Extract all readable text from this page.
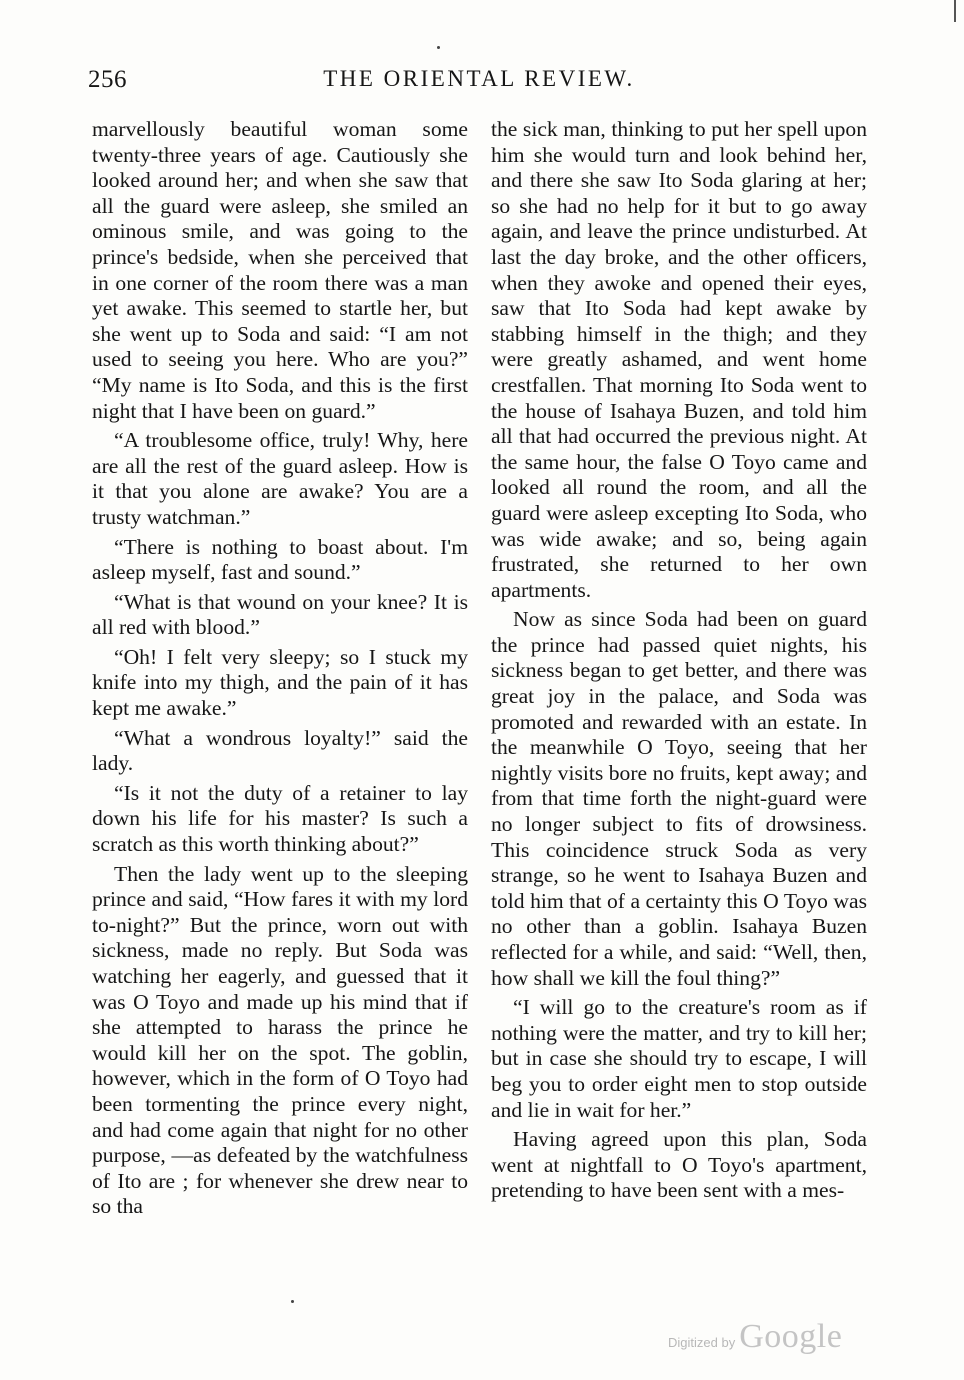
256	THE ORIENTAL REVIEW.

marvellously beautiful woman some twenty-three years of age. Cautiously she looked around her; and when she saw that all the guard were asleep, she smiled an ominous smile, and was going to the prince's bedside, when she perceived that in one corner of the room there was a man yet awake. This seemed to startle her, but she went up to Soda and said: “I am not used to seeing you here. Who are you?” “My name is Ito Soda, and this is the first night that I have been on guard.”

“A troublesome office, truly! Why, here are all the rest of the guard asleep. How is it that you alone are awake? You are a trusty watchman.”

“There is nothing to boast about. I'm asleep myself, fast and sound.”

“What is that wound on your knee? It is all red with blood.”

“Oh! I felt very sleepy; so I stuck my knife into my thigh, and the pain of it has kept me awake.”

“What a wondrous loyalty!” said the lady.

“Is it not the duty of a retainer to lay down his life for his master? Is such a scratch as this worth thinking about?”

Then the lady went up to the sleeping prince and said, “How fares it with my lord to-night?” But the prince, worn out with sickness, made no reply. But Soda was watching her eagerly, and guessed that it was O Toyo and made up his mind that if she attempted to harass the prince he would kill her on the spot. The goblin, however, which in the form of O Toyo had been tormenting the prince every night, and had come again that night for no other purpose, —as defeated by the watchfulness of Ito are ; for whenever she drew near to so tha

the sick man, thinking to put her spell upon him she would turn and look behind her, and there she saw Ito Soda glaring at her; so she had no help for it but to go away again, and leave the prince undisturbed. At last the day broke, and the other officers, when they awoke and opened their eyes, saw that Ito Soda had kept awake by stabbing himself in the thigh; and they were greatly ashamed, and went home crestfallen. That morning Ito Soda went to the house of Isahaya Buzen, and told him all that had occurred the previous night. At the same hour, the false O Toyo came and looked all round the room, and all the guard were asleep excepting Ito Soda, who was wide awake; and so, being again frustrated, she returned to her own apartments.

Now as since Soda had been on guard the prince had passed quiet nights, his sickness began to get better, and there was great joy in the palace, and Soda was promoted and rewarded with an estate. In the meanwhile O Toyo, seeing that her nightly visits bore no fruits, kept away; and from that time forth the night-guard were no longer subject to fits of drowsiness. This coincidence struck Soda as very strange, so he went to Isahaya Buzen and told him that of a certainty this O Toyo was no other than a goblin. Isahaya Buzen reflected for a while, and said: “Well, then, how shall we kill the foul thing?”

“I will go to the creature's room as if nothing were the matter, and try to kill her; but in case she should try to escape, I will beg you to order eight men to stop outside and lie in wait for her.”

Having agreed upon this plan, Soda went at nightfall to O Toyo's apartment, pretending to have been sent with a mes-

Digitized by Google
